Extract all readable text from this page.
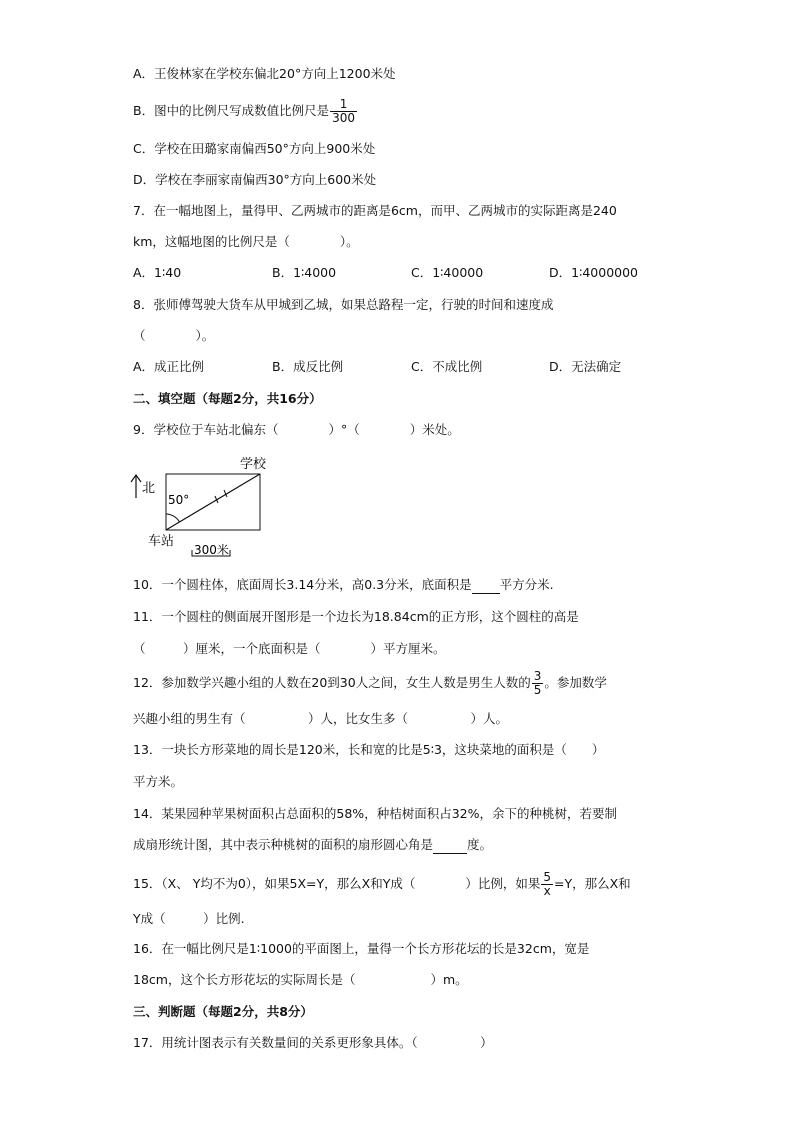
A．王俊林家在学校东偏北20°方向上1200米处
B．图中的比例尺写成数值比例尺是 $\frac{1}{300}$
C．学校在田璐家南偏西50°方向上900米处
D．学校在李丽家南偏西30°方向上600米处
7．在一幅地图上，量得甲、乙两城市的距离是6cm，而甲、乙两城市的实际距离是240
km，这幅地图的比例尺是（　　　　）。
A．1∶40	B．1∶4000	C．1∶40000	D．1∶4000000
8．张师傅驾驶大货车从甲城到乙城，如果总路程一定，行驶的时间和速度成
（　　　　）。
A．成正比例	B．成反比例	C．不成比例	D．无法确定
二、填空题（每题2分，共16分）
9．学校位于车站北偏东（　　　　）°（　　　　）米处。
北
50°
学校
车站
300米
10．一个圆柱体，底面周长3.14分米，高0.3分米，底面积是 平方分米.
11．一个圆柱的侧面展开图形是一个边长为18.84cm的正方形，这个圆柱的高是
（　　　）厘米，一个底面积是（　　　　）平方厘米。
12．参加数学兴趣小组的人数在20到30人之间，女生人数是男生人数的 $\frac{3}{5}$ 。参加数学
兴趣小组的男生有（　　　　　）人，比女生多（　　　　　）人。
13．一块长方形菜地的周长是120米，长和宽的比是5∶3，这块菜地的面积是（　　）
平方米。
14．某果园种苹果树面积占总面积的58%，种桔树面积占32%，余下的种桃树，若要制
成扇形统计图，其中表示种桃树的面积的扇形圆心角是	度。
15．（X、 Y均不为0），如果5X=Y，那么X和Y成（　　　　）比例，如果 $\frac{5}{x} =Y$，那么X和
Y成（　　　）比例.
16．在一幅比例尺是1∶1000的平面图上，量得一个长方形花坛的长是32cm，宽是
18cm，这个长方形花坛的实际周长是（　　　　　　）m。
三、判断题（每题2分，共8分）
17．用统计图表示有关数量间的关系更形象具体。（　　　　　）
